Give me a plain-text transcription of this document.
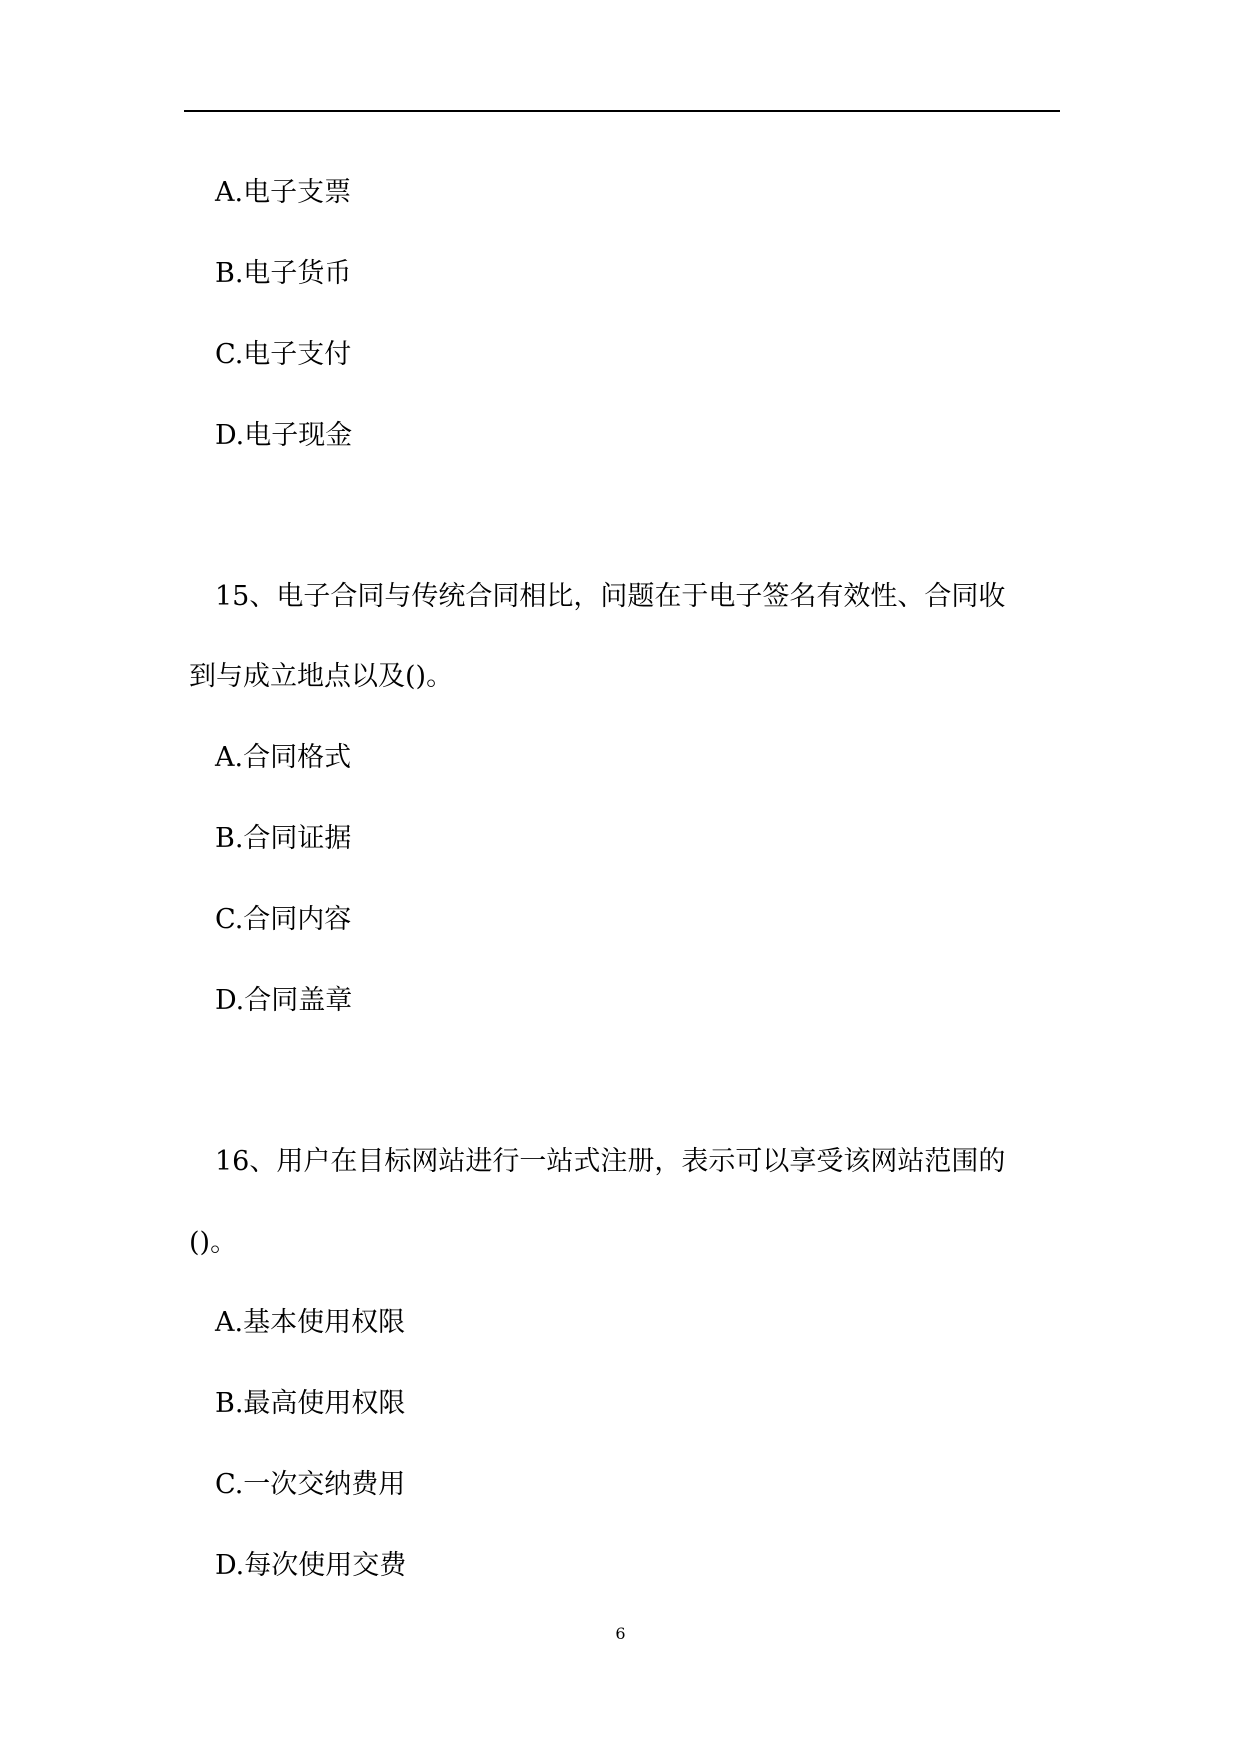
A.电子支票
B.电子货币
C.电子支付
D.电子现金
15、电子合同与传统合同相比，问题在于电子签名有效性、合同收
到与成立地点以及()。
A.合同格式
B.合同证据
C.合同内容
D.合同盖章
16、用户在目标网站进行一站式注册，表示可以享受该网站范围的
()。
A.基本使用权限
B.最高使用权限
C.一次交纳费用
D.每次使用交费
6
